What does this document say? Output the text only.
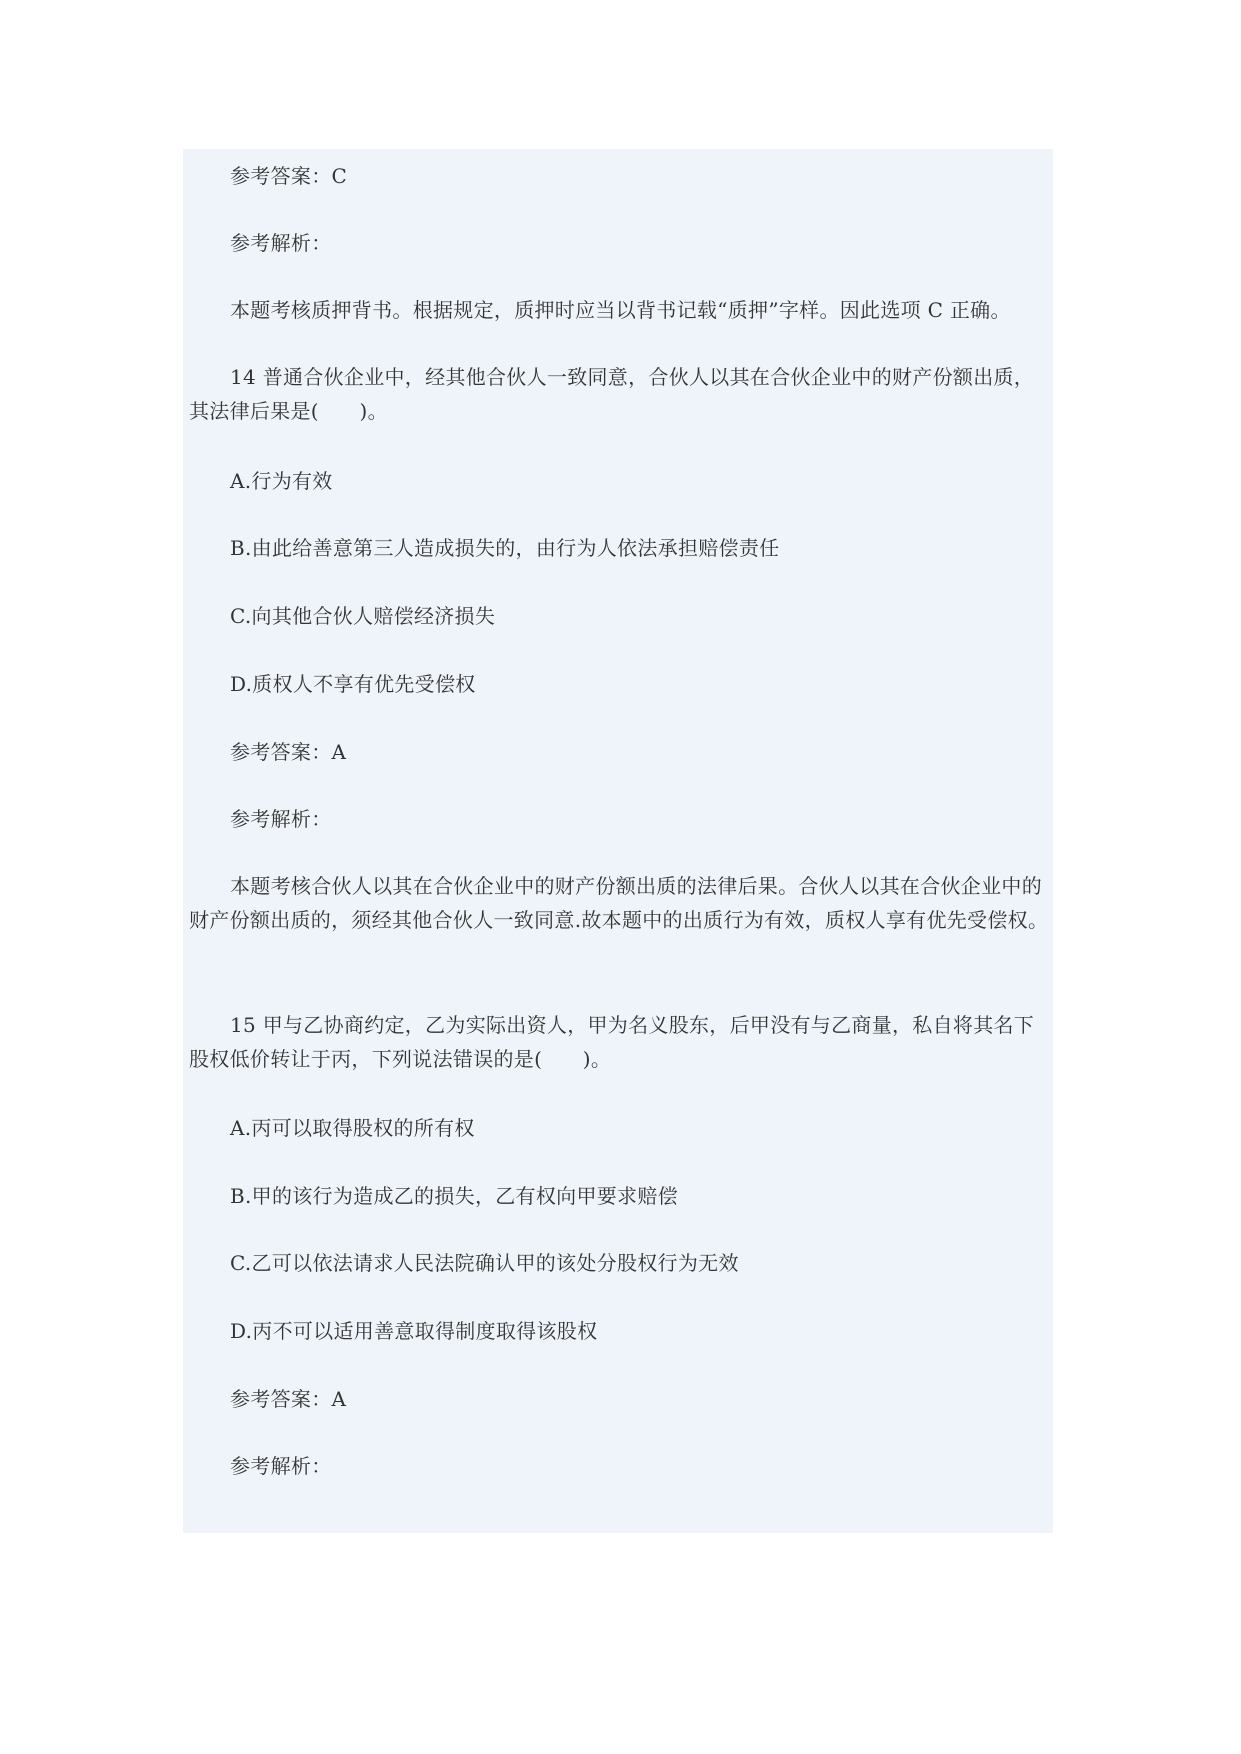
参考答案：C

参考解析：

本题考核质押背书。根据规定，质押时应当以背书记载“质押”字样。因此选项 C 正确。

14 普通合伙企业中，经其他合伙人一致同意，合伙人以其在合伙企业中的财产份额出质，其法律后果是(　　)。

A.行为有效

B.由此给善意第三人造成损失的，由行为人依法承担赔偿责任

C.向其他合伙人赔偿经济损失

D.质权人不享有优先受偿权

参考答案：A

参考解析：

本题考核合伙人以其在合伙企业中的财产份额出质的法律后果。合伙人以其在合伙企业中的财产份额出质的，须经其他合伙人一致同意.故本题中的出质行为有效，质权人享有优先受偿权。

15 甲与乙协商约定，乙为实际出资人，甲为名义股东，后甲没有与乙商量，私自将其名下股权低价转让于丙，下列说法错误的是(　　)。

A.丙可以取得股权的所有权

B.甲的该行为造成乙的损失，乙有权向甲要求赔偿

C.乙可以依法请求人民法院确认甲的该处分股权行为无效

D.丙不可以适用善意取得制度取得该股权

参考答案：A

参考解析：
